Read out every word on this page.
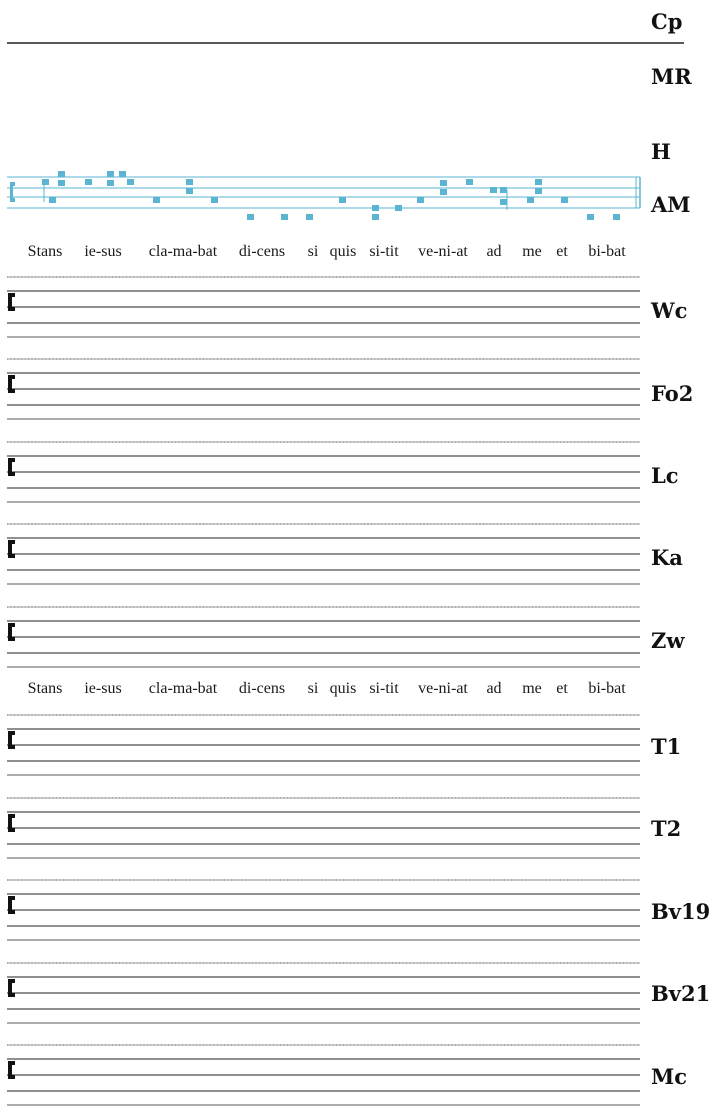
Cp
MR
H
AM
Stans ie-sus cla-ma-bat di-cens si quis si-tit ve-ni-at ad me et bi-bat
Wc
Fo2
Lc
Ka
Zw
Stans ie-sus cla-ma-bat di-cens si quis si-tit ve-ni-at ad me et bi-bat
T1
T2
Bv19
Bv21
Mc
